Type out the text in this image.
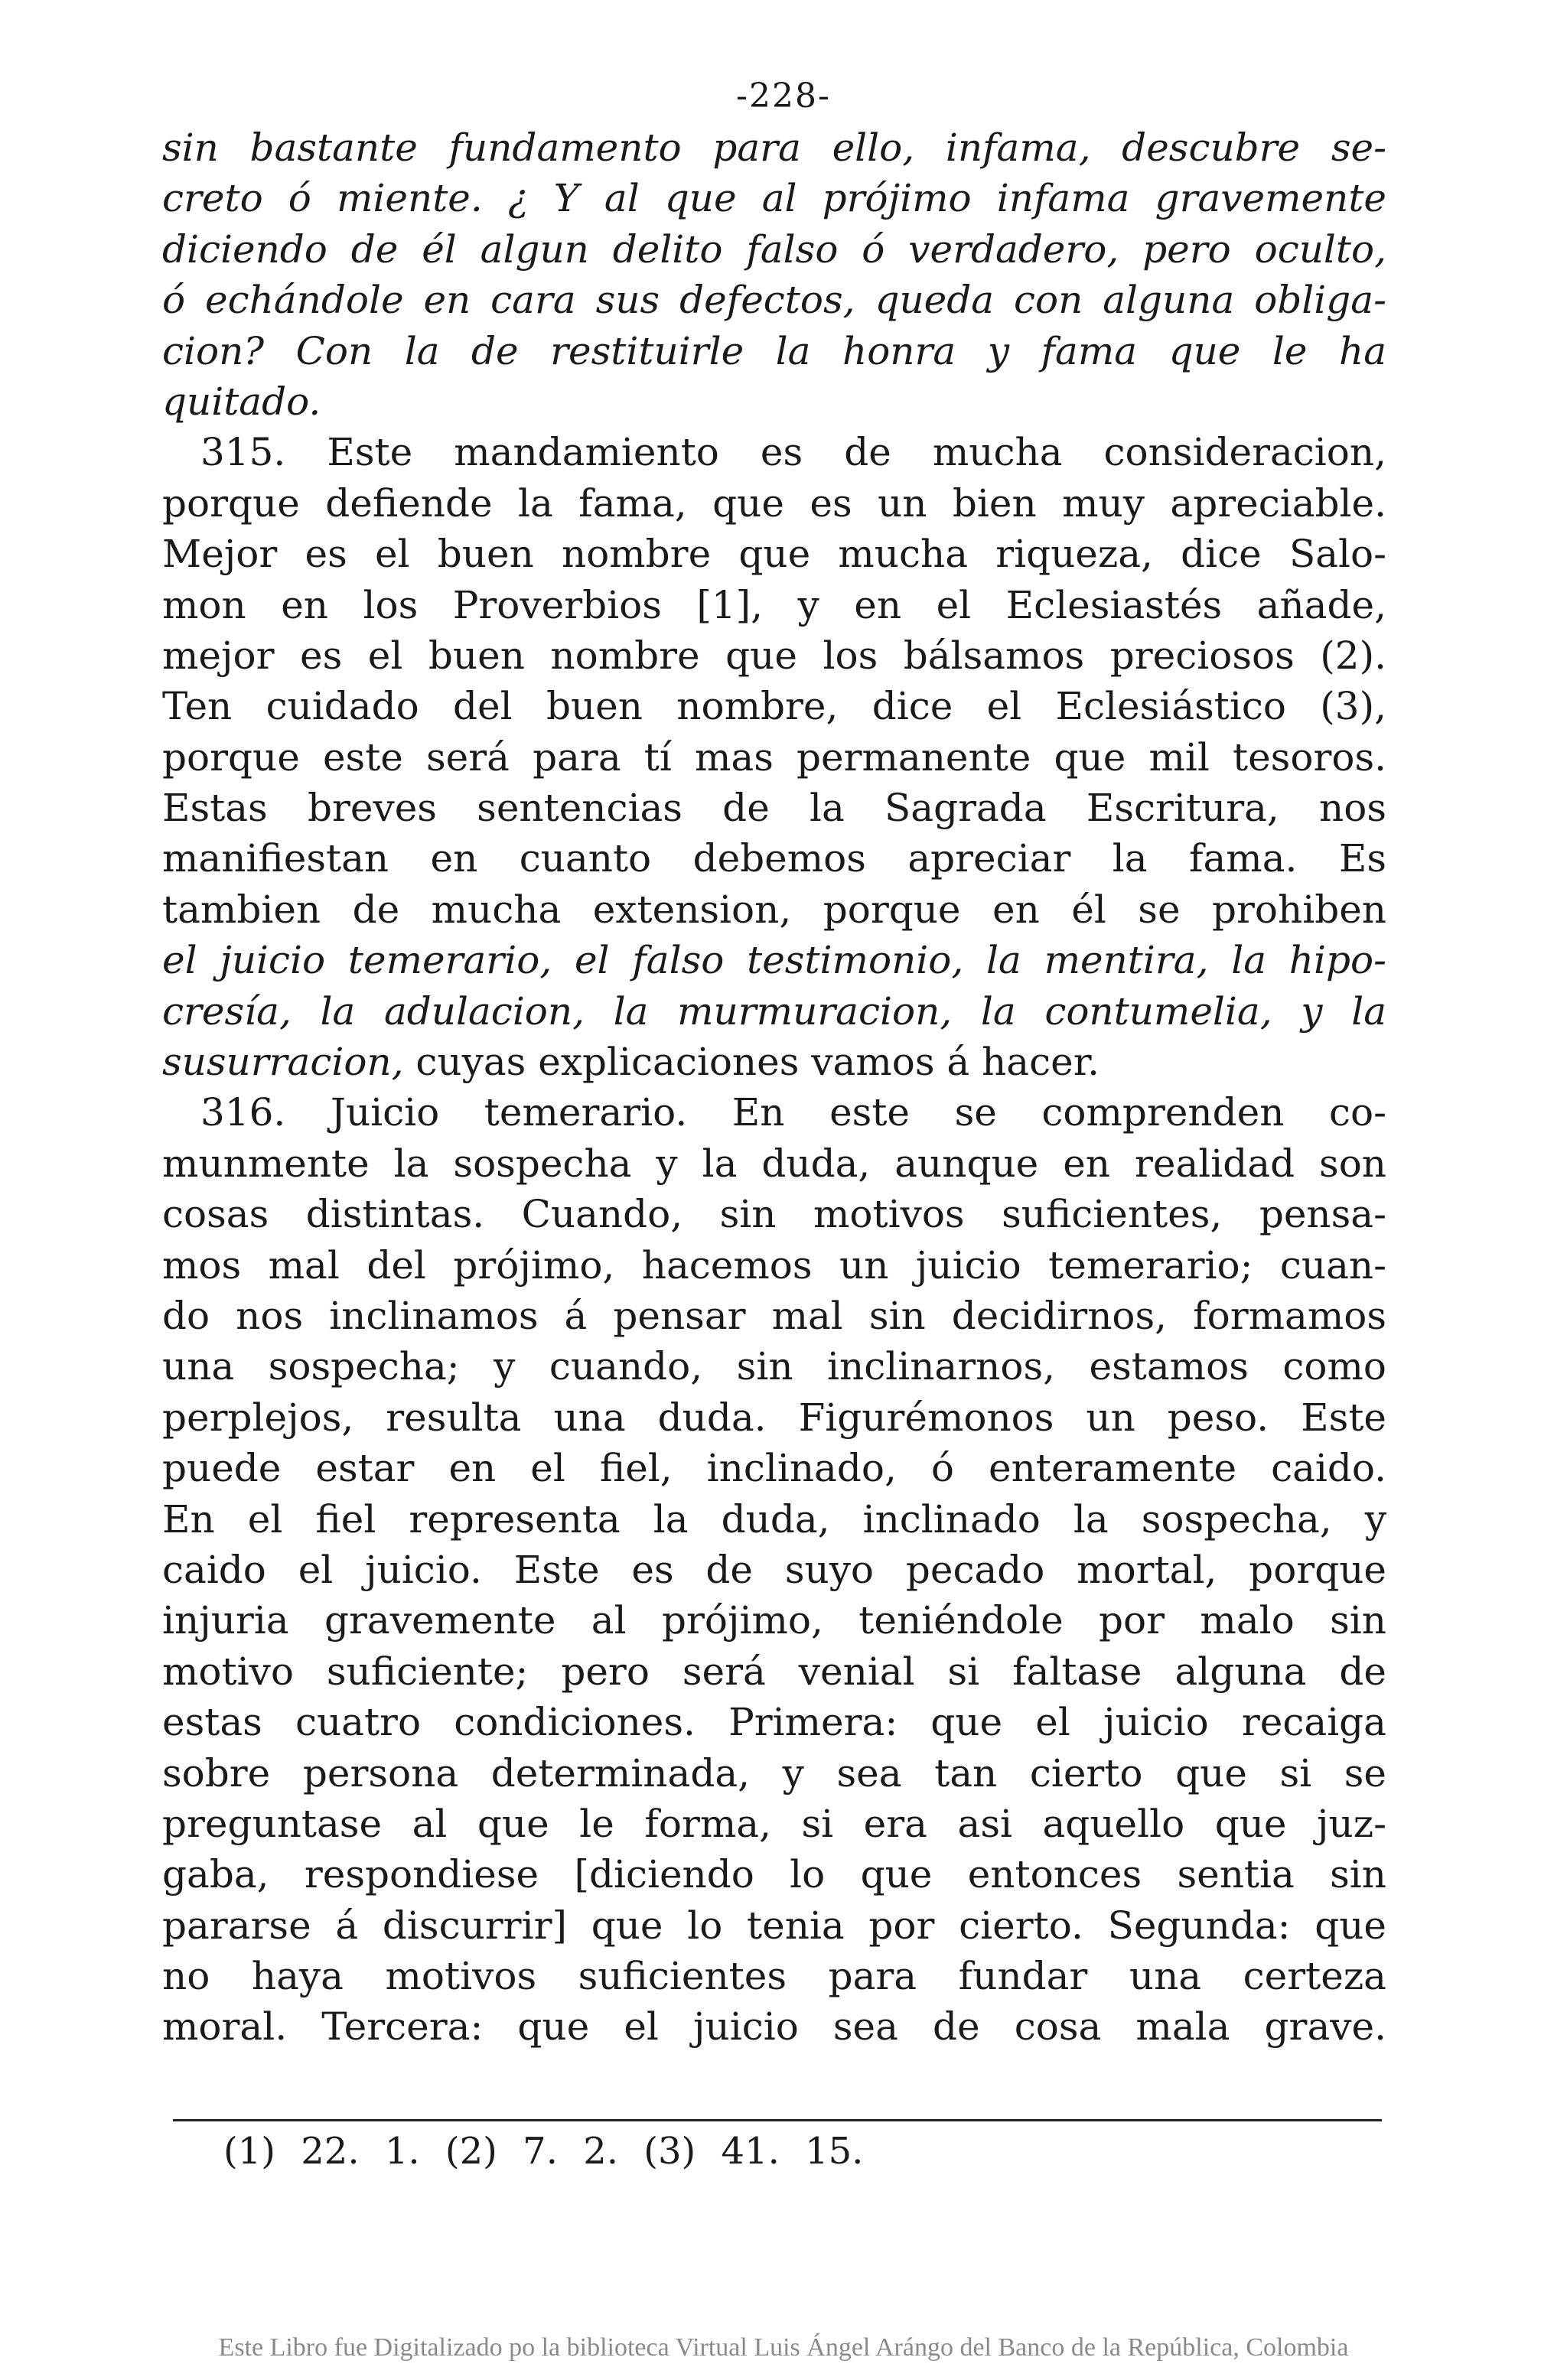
-228-
sin bastante fundamento para ello, infama, descubre se-
creto ó miente. ¿ Y al que al prójimo infama gravemente
diciendo de él algun delito falso ó verdadero, pero oculto,
ó echándole en cara sus defectos, queda con alguna obliga-
cion? Con la de restituirle la honra y fama que le ha
quitado.
315. Este mandamiento es de mucha consideracion,
porque defiende la fama, que es un bien muy apreciable.
Mejor es el buen nombre que mucha riqueza, dice Salo-
mon en los Proverbios [1], y en el Eclesiastés añade,
mejor es el buen nombre que los bálsamos preciosos (2).
Ten cuidado del buen nombre, dice el Eclesiástico (3),
porque este será para tí mas permanente que mil tesoros.
Estas breves sentencias de la Sagrada Escritura, nos
manifiestan en cuanto debemos apreciar la fama. Es
tambien de mucha extension, porque en él se prohiben
el juicio temerario, el falso testimonio, la mentira, la hipo-
cresía, la adulacion, la murmuracion, la contumelia, y la
susurracion, cuyas explicaciones vamos á hacer.
316. Juicio temerario. En este se comprenden co-
munmente la sospecha y la duda, aunque en realidad son
cosas distintas. Cuando, sin motivos suficientes, pensa-
mos mal del prójimo, hacemos un juicio temerario; cuan-
do nos inclinamos á pensar mal sin decidirnos, formamos
una sospecha; y cuando, sin inclinarnos, estamos como
perplejos, resulta una duda. Figurémonos un peso. Este
puede estar en el fiel, inclinado, ó enteramente caido.
En el fiel representa la duda, inclinado la sospecha, y
caido el juicio. Este es de suyo pecado mortal, porque
injuria gravemente al prójimo, teniéndole por malo sin
motivo suficiente; pero será venial si faltase alguna de
estas cuatro condiciones. Primera: que el juicio recaiga
sobre persona determinada, y sea tan cierto que si se
preguntase al que le forma, si era asi aquello que juz-
gaba, respondiese [diciendo lo que entonces sentia sin
pararse á discurrir] que lo tenia por cierto. Segunda: que
no haya motivos suficientes para fundar una certeza
moral. Tercera: que el juicio sea de cosa mala grave.
(1) 22. 1. (2) 7. 2. (3) 41. 15.
Este Libro fue Digitalizado po la biblioteca Virtual Luis Ángel Arángo del Banco de la República, Colombia
